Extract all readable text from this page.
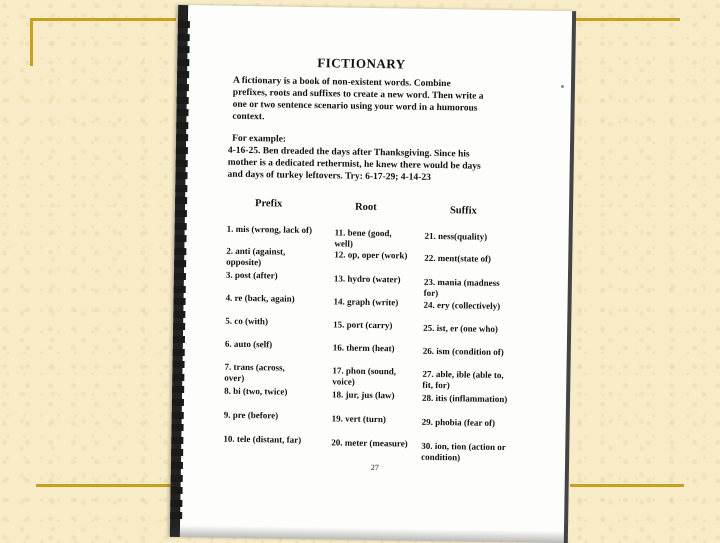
FICTIONARY
A fictionary is a book of non-existent words. Combine
prefixes, roots and suffixes to create a new word. Then write a
one or two sentence scenario using your word in a humorous
context.
For example:
4-16-25. Ben dreaded the days after Thanksgiving. Since his
mother is a dedicated rethermist, he knew there would be days
and days of turkey leftovers. Try: 6-17-29; 4-14-23
Prefix	Root	Suffix
1. mis (wrong, lack of)
2. anti (against,
opposite)
3. post (after)
4. re (back, again)
5. co (with)
6. auto (self)
7. trans (across,
over)
8. bi (two, twice)
9. pre (before)
10. tele (distant, far)
11. bene (good,
well)
12. op, oper (work)
13. hydro (water)
14. graph (write)
15. port (carry)
16. therm (heat)
17. phon (sound,
voice)
18. jur, jus (law)
19. vert (turn)
20. meter (measure)
21. ness(quality)
22. ment(state of)
23. mania (madness
for)
24. ery (collectively)
25. ist, er (one who)
26. ism (condition of)
27. able, ible (able to,
fit, for)
28. itis (inflammation)
29. phobia (fear of)
30. ion, tion (action or
condition)
27
